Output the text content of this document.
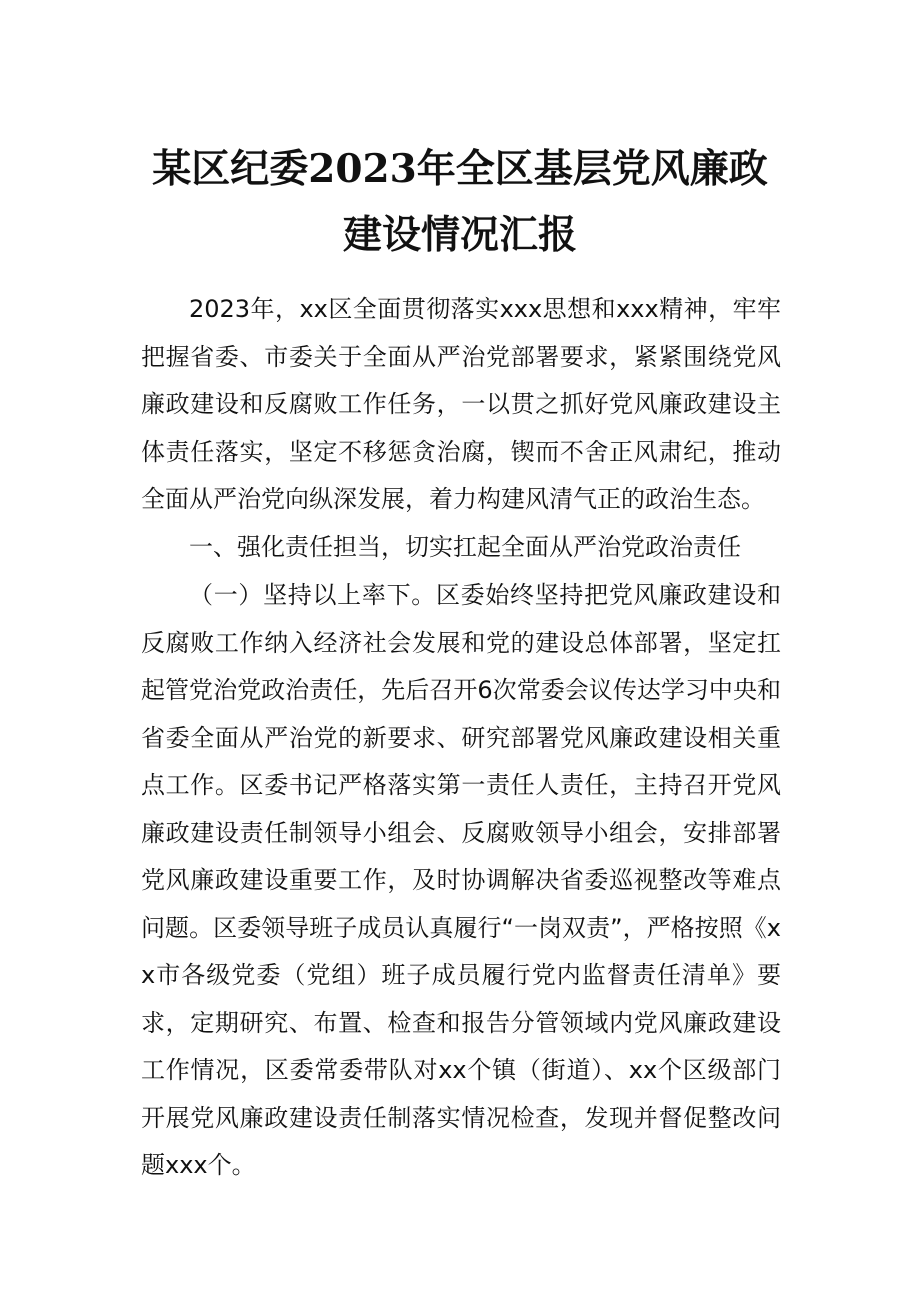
某区纪委2023年全区基层党风廉政
建设情况汇报

2023年，xx区全面贯彻落实xxx思想和xxx精神，牢牢把握省委、市委关于全面从严治党部署要求，紧紧围绕党风廉政建设和反腐败工作任务，一以贯之抓好党风廉政建设主体责任落实，坚定不移惩贪治腐，锲而不舍正风肃纪，推动全面从严治党向纵深发展，着力构建风清气正的政治生态。

一、强化责任担当，切实扛起全面从严治党政治责任

（一）坚持以上率下。区委始终坚持把党风廉政建设和反腐败工作纳入经济社会发展和党的建设总体部署，坚定扛起管党治党政治责任，先后召开6次常委会议传达学习中央和省委全面从严治党的新要求、研究部署党风廉政建设相关重点工作。区委书记严格落实第一责任人责任，主持召开党风廉政建设责任制领导小组会、反腐败领导小组会，安排部署党风廉政建设重要工作，及时协调解决省委巡视整改等难点问题。区委领导班子成员认真履行“一岗双责”，严格按照《xx市各级党委（党组）班子成员履行党内监督责任清单》要求，定期研究、布置、检查和报告分管领域内党风廉政建设工作情况，区委常委带队对xx个镇（街道）、xx个区级部门开展党风廉政建设责任制落实情况检查，发现并督促整改问题xxx个。
